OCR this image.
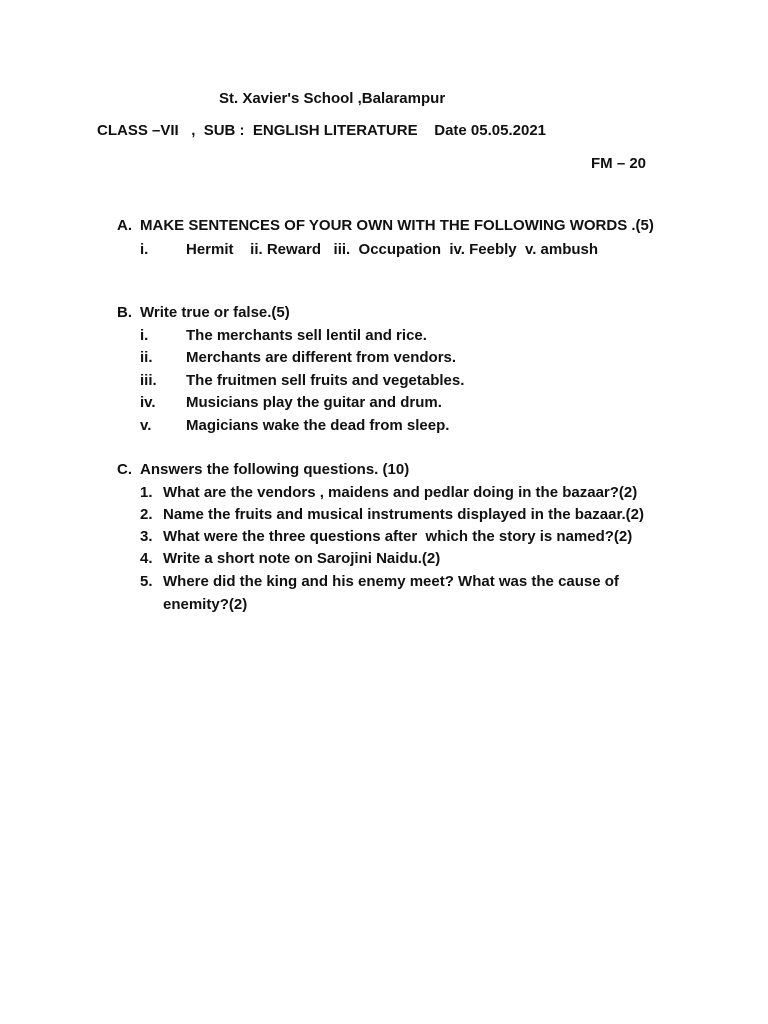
St. Xavier's School ,Balarampur
CLASS –VII   ,  SUB :  ENGLISH LITERATURE    Date 05.05.2021
FM – 20
A. MAKE SENTENCES OF YOUR OWN WITH THE FOLLOWING WORDS .(5)
i.	Hermit    ii. Reward   iii.  Occupation  iv. Feebly  v. ambush
B. Write true or false.(5)
i.	The merchants sell lentil and rice.
ii. Merchants are different from vendors.
iii. The fruitmen sell fruits and vegetables.
iv. Musicians play the guitar and drum.
v. Magicians wake the dead from sleep.
C. Answers the following questions. (10)
1. What are the vendors , maidens and pedlar doing in the bazaar?(2)
2. Name the fruits and musical instruments displayed in the bazaar.(2)
3. What were the three questions after  which the story is named?(2)
4. Write a short note on Sarojini Naidu.(2)
5. Where did the king and his enemy meet? What was the cause of
enemity?(2)
